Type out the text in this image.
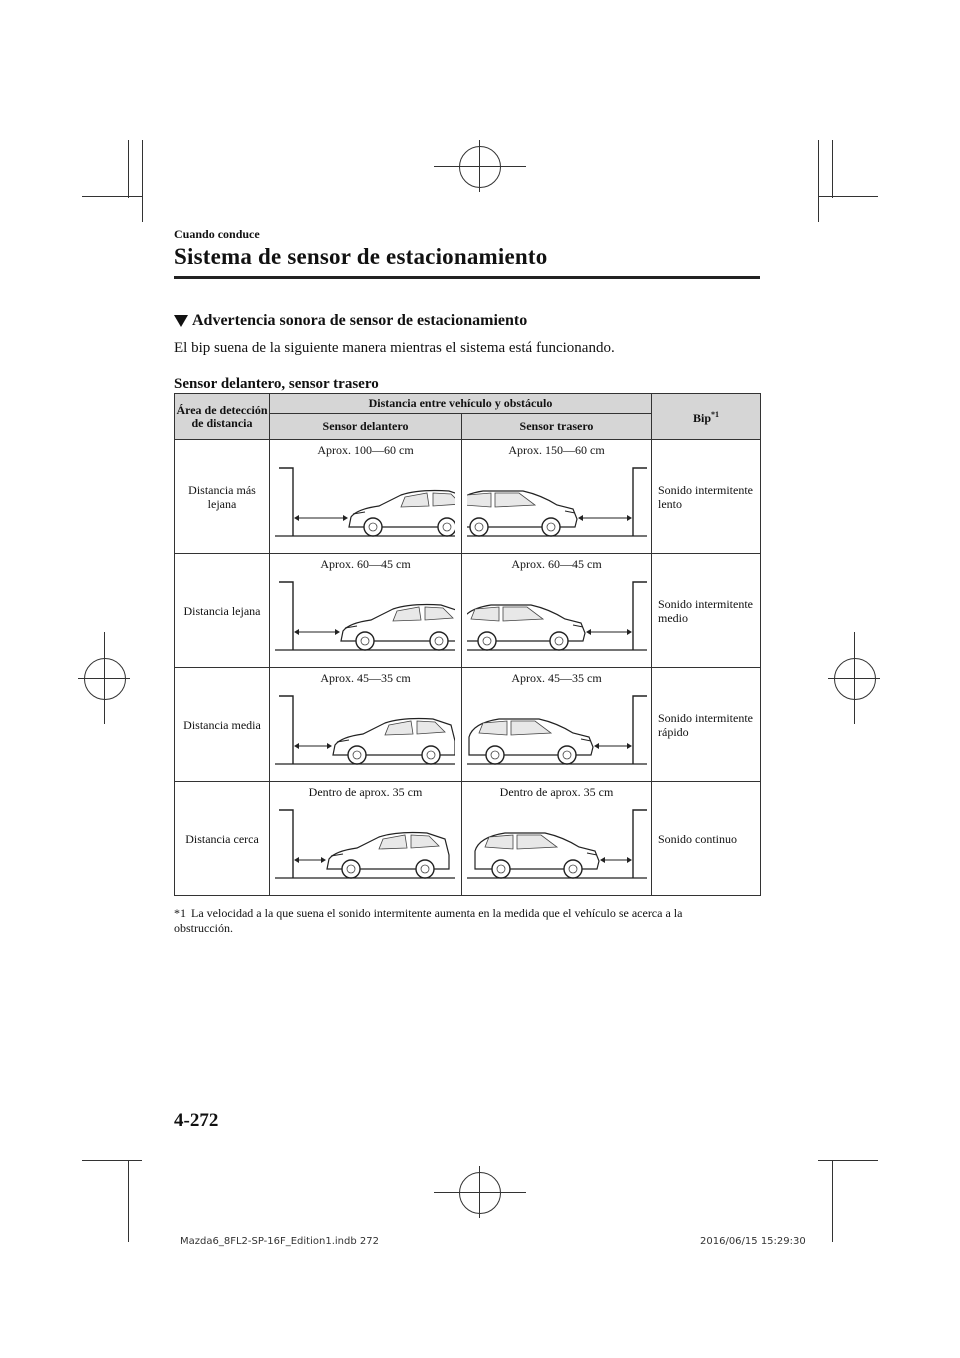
Cuando conduce
Sistema de sensor de estacionamiento
Advertencia sonora de sensor de estacionamiento
El bip suena de la siguiente manera mientras el sistema está funcionando.
Sensor delantero, sensor trasero
Área de detección de distancia	Distancia entre vehículo y obstáculo		Bip$^{*1}$
	Sensor delantero	Sensor trasero	
Distancia más lejana	Aprox. 100—60 cm	Aprox. 150—60 cm	Sonido intermitente lento
Distancia lejana	Aprox. 60—45 cm	Aprox. 60—45 cm	Sonido intermitente medio
Distancia media	Aprox. 45—35 cm	Aprox. 45—35 cm	Sonido intermitente rápido
Distancia cerca	Dentro de aprox. 35 cm	Dentro de aprox. 35 cm	Sonido continuo
*1 La velocidad a la que suena el sonido intermitente aumenta en la medida que el vehículo se acerca a la obstrucción.
4-272
Mazda6_8FL2-SP-16F_Edition1.indb 272	2016/06/15 15:29:30
